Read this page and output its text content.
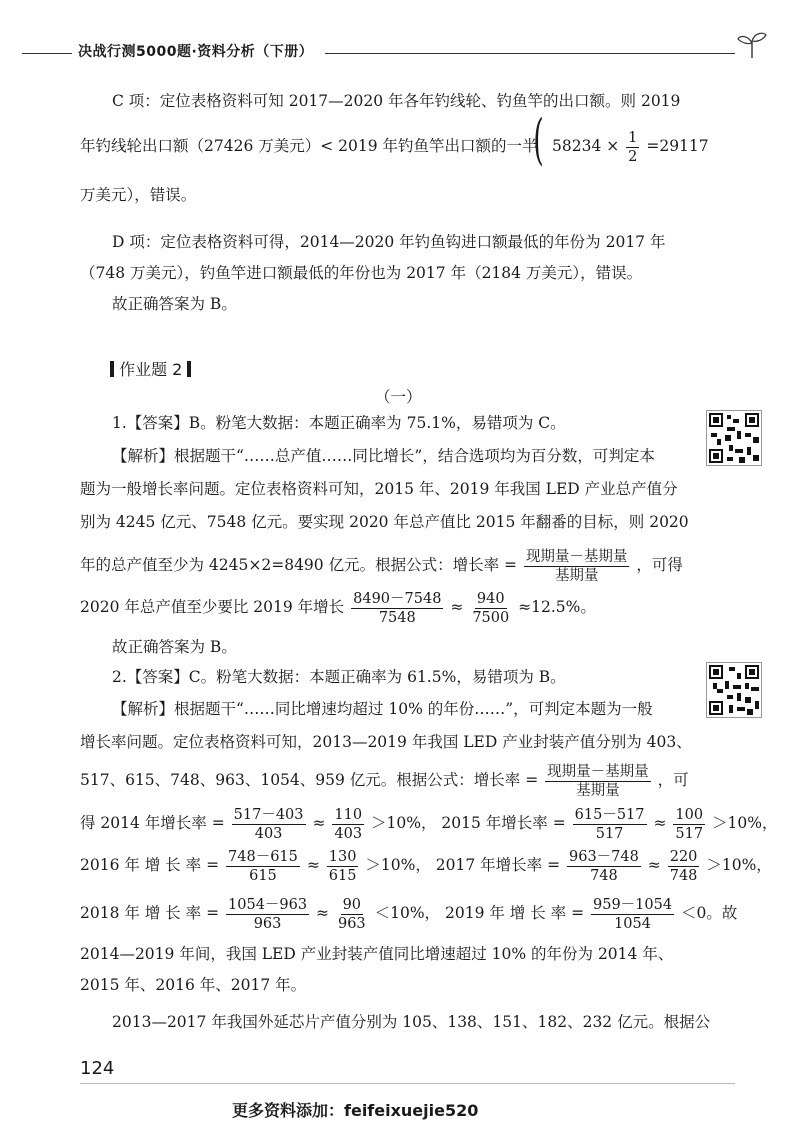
决战行测5000题·资料分析（下册）
C 项：定位表格资料可知 2017—2020 年各年钓线轮、钓鱼竿的出口额。则 2019
年钓线轮出口额（27426 万美元）< 2019 年钓鱼竿出口额的一半
( $58234 \times \frac{1}{2} =29117$
万美元），错误。
D 项：定位表格资料可得，2014—2020 年钓鱼钩进口额最低的年份为 2017 年
（748 万美元），钓鱼竿进口额最低的年份也为 2017 年（2184 万美元），错误。
故正确答案为 B。
作业题 2
（一）
1.【答案】B。粉笔大数据：本题正确率为 75.1%，易错项为 C。
【解析】根据题干“……总产值……同比增长”，结合选项均为百分数，可判定本
题为一般增长率问题。定位表格资料可知，2015 年、2019 年我国 LED 产业总产值分
别为 4245 亿元、7548 亿元。要实现 2020 年总产值比 2015 年翻番的目标，则 2020
年的总产值至少为 4245×2=8490 亿元。根据公式：增长率 = $\frac{\text{现期量－基期量}}{\text{基期量}}$ ，可得
2020 年总产值至少要比 2019 年增长 $\frac{8490-7548}{7548} \approx \frac{940}{7500} \approx 12.5\%$。
故正确答案为 B。
2.【答案】C。粉笔大数据：本题正确率为 61.5%，易错项为 B。
【解析】根据题干“……同比增速均超过 10% 的年份……”，可判定本题为一般
增长率问题。定位表格资料可知，2013—2019 年我国 LED 产业封装产值分别为 403、
517、615、748、963、1054、959 亿元。根据公式：增长率 = $\frac{\text{现期量－基期量}}{\text{基期量}}$ ，可
得 2014 年增长率 = $\frac{517-403}{403} \approx \frac{110}{403} >10\%$， 2015 年增长率 = $\frac{615-517}{517} \approx \frac{100}{517} >10\%$，
2016 年 增 长 率 = $\frac{748-615}{615} \approx \frac{130}{615} >10\%$， 2017 年增长率 = $\frac{963-748}{748} \approx \frac{220}{748} >10\%$，
2018 年 增 长 率 = $\frac{1054-963}{963} \approx \frac{90}{963} <10\%$， 2019 年 增 长 率 = $\frac{959-1054}{1054} <0$。故
2014—2019 年间，我国 LED 产业封装产值同比增速超过 10% 的年份为 2014 年、
2015 年、2016 年、2017 年。
2013—2017 年我国外延芯片产值分别为 105、138、151、182、232 亿元。根据公
124
更多资料添加：feifeixuejie520
